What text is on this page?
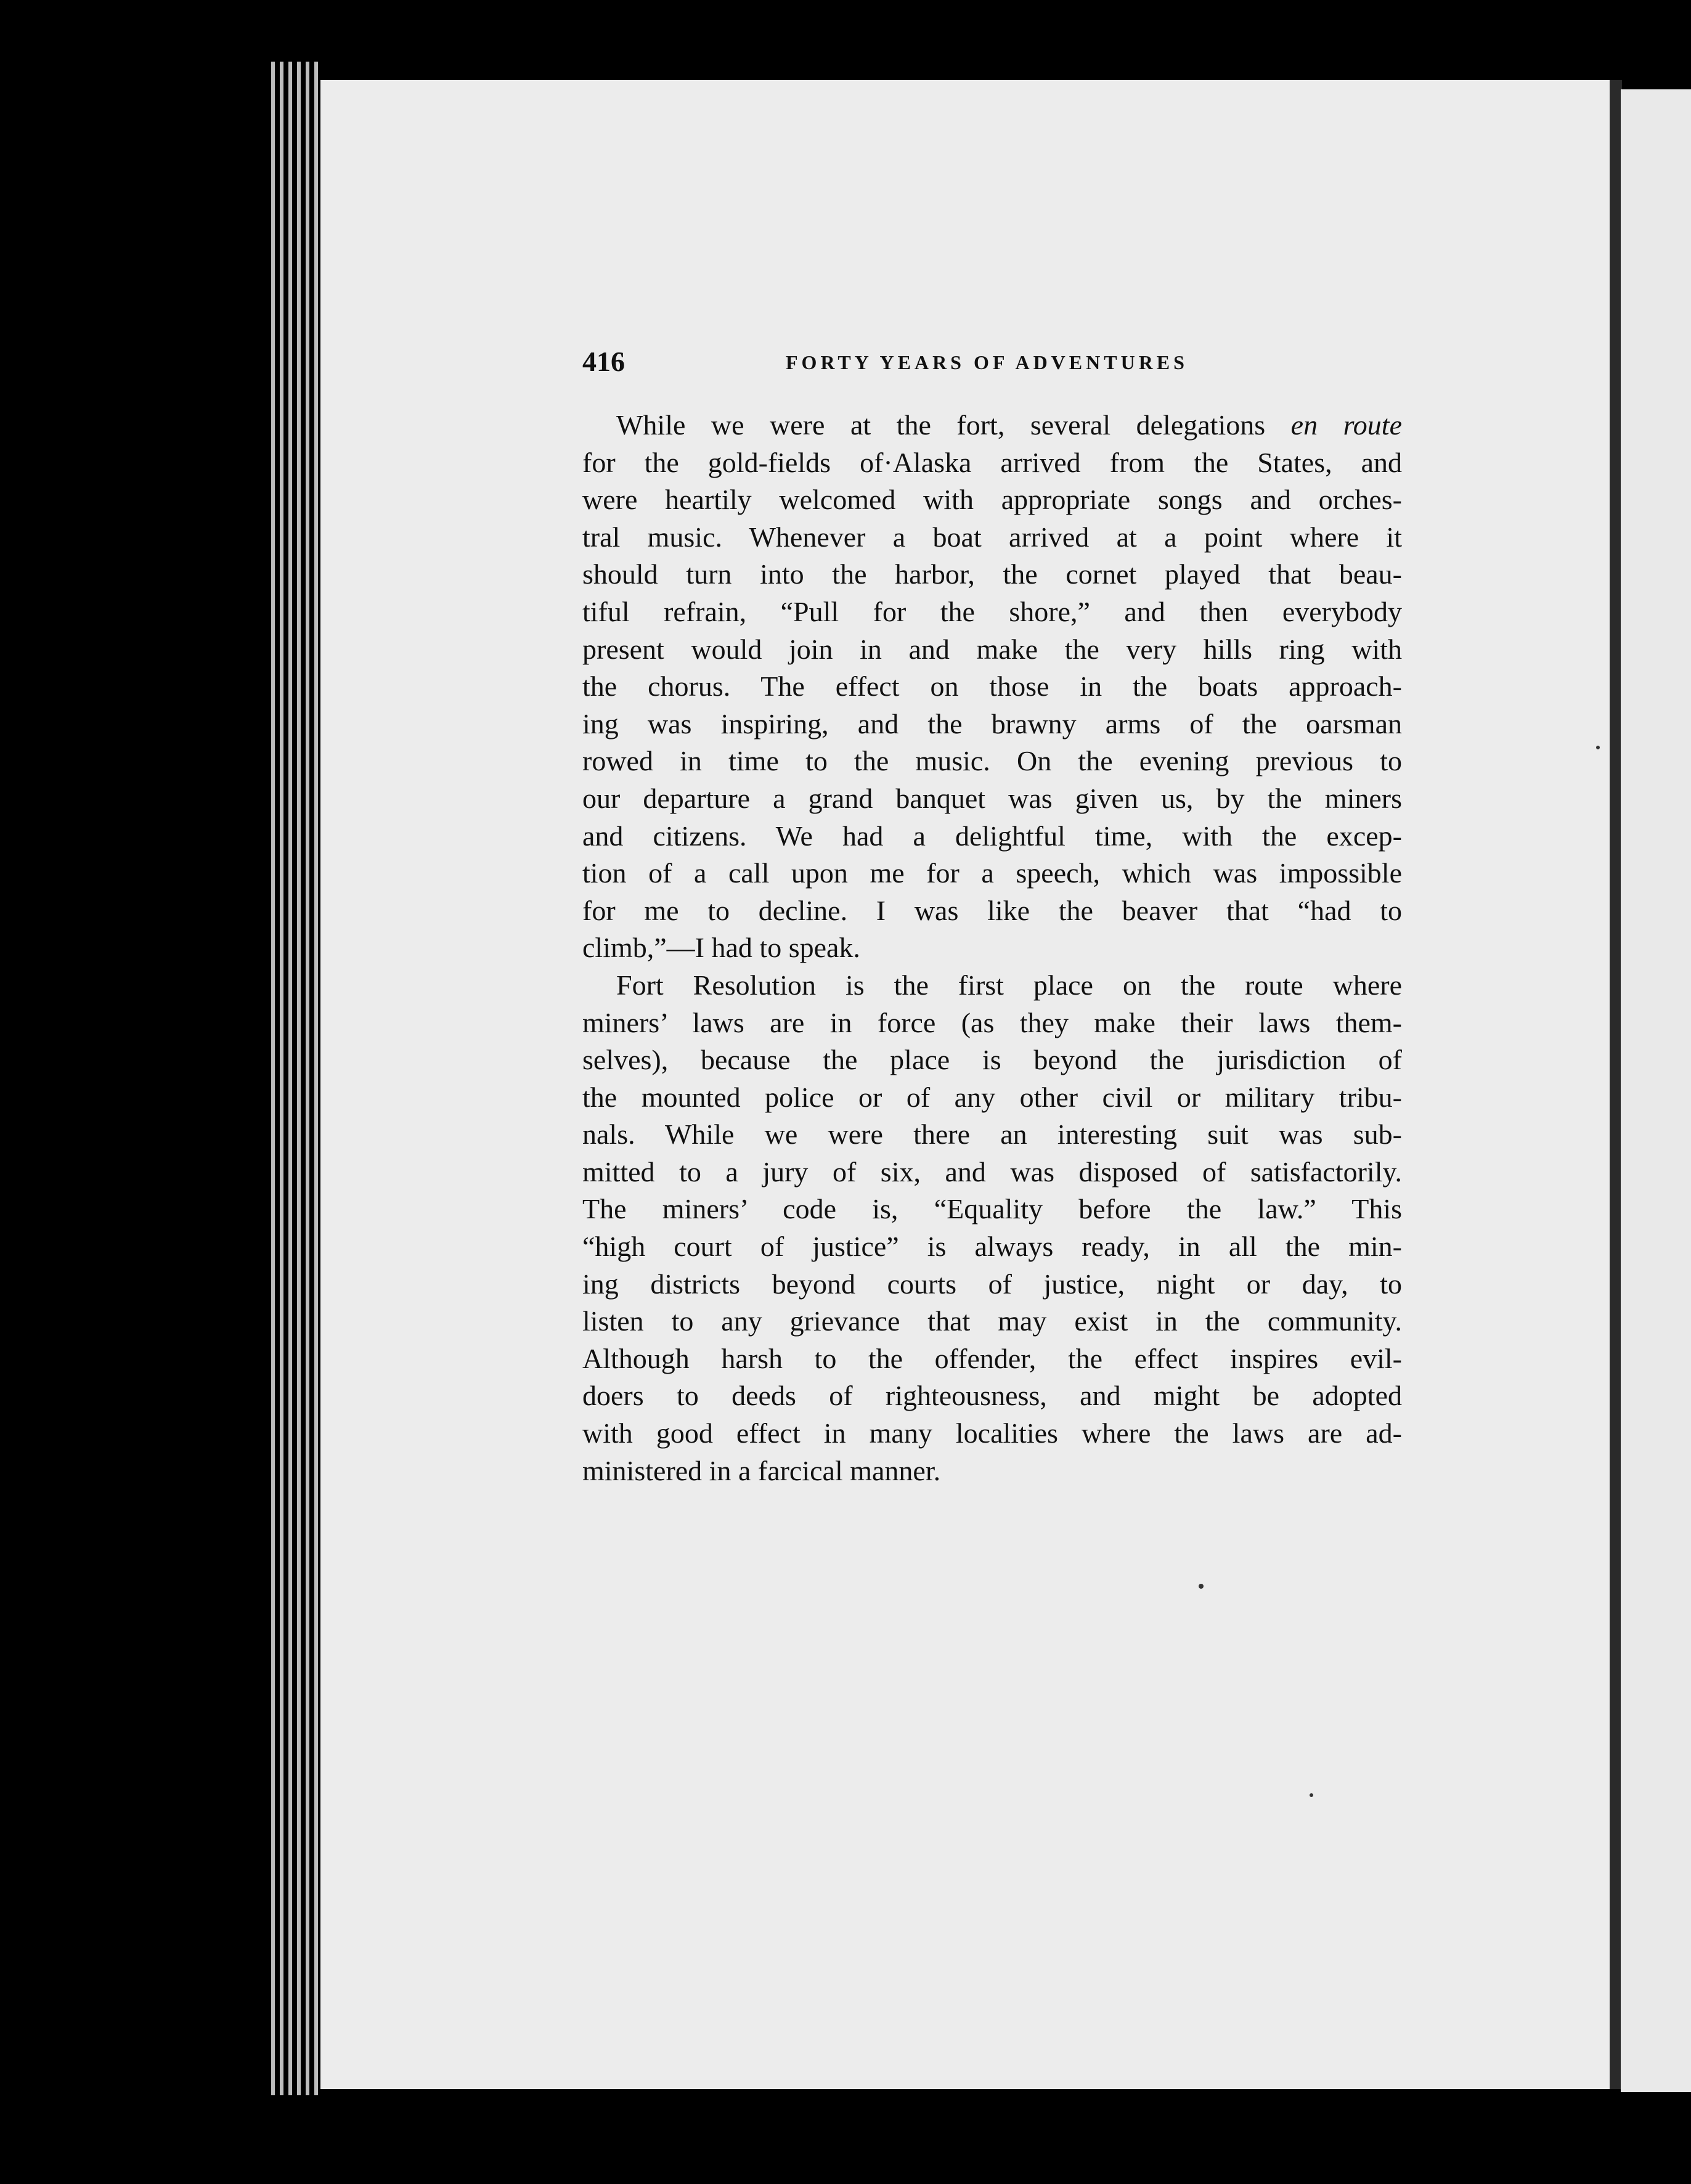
416	FORTY YEARS OF ADVENTURES
While we were at the fort, several delegations en route
for the gold-fields of·Alaska arrived from the States, and
were heartily welcomed with appropriate songs and orches-
tral music. Whenever a boat arrived at a point where it
should turn into the harbor, the cornet played that beau-
tiful refrain, “Pull for the shore,” and then everybody
present would join in and make the very hills ring with
the chorus. The effect on those in the boats approach-
ing was inspiring, and the brawny arms of the oarsman
rowed in time to the music. On the evening previous to
our departure a grand banquet was given us, by the miners
and citizens. We had a delightful time, with the excep-
tion of a call upon me for a speech, which was impossible
for me to decline. I was like the beaver that “had to
climb,”—I had to speak.
Fort Resolution is the first place on the route where
miners’ laws are in force (as they make their laws them-
selves), because the place is beyond the jurisdiction of
the mounted police or of any other civil or military tribu-
nals. While we were there an interesting suit was sub-
mitted to a jury of six, and was disposed of satisfactorily.
The miners’ code is, “Equality before the law.” This
“high court of justice” is always ready, in all the min-
ing districts beyond courts of justice, night or day, to
listen to any grievance that may exist in the community.
Although harsh to the offender, the effect inspires evil-
doers to deeds of righteousness, and might be adopted
with good effect in many localities where the laws are ad-
ministered in a farcical manner.
